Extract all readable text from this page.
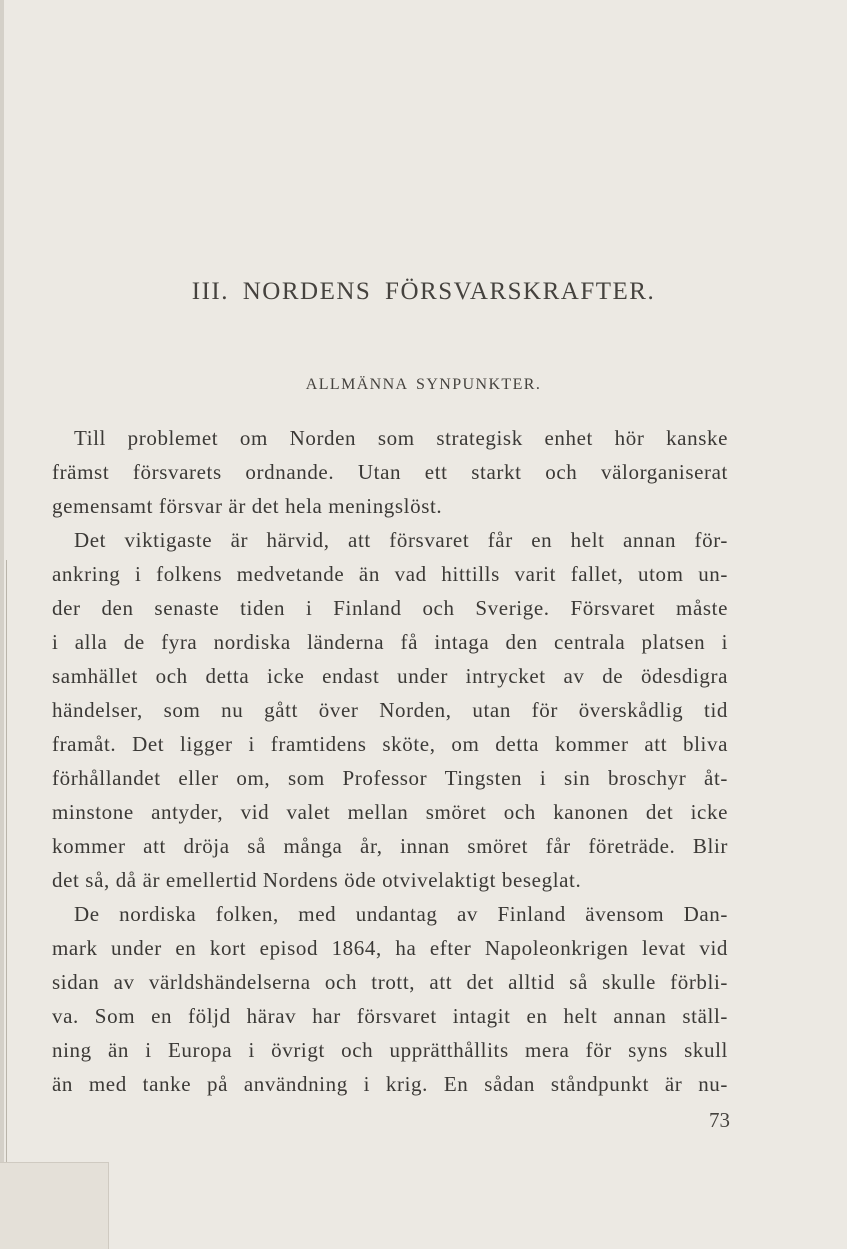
III. NORDENS FÖRSVARSKRAFTER.
ALLMÄNNA SYNPUNKTER.
Till problemet om Norden som strategisk enhet hör kanske
främst försvarets ordnande. Utan ett starkt och välorganiserat
gemensamt försvar är det hela meningslöst.
Det viktigaste är härvid, att försvaret får en helt annan för-
ankring i folkens medvetande än vad hittills varit fallet, utom un-
der den senaste tiden i Finland och Sverige. Försvaret måste
i alla de fyra nordiska länderna få intaga den centrala platsen i
samhället och detta icke endast under intrycket av de ödesdigra
händelser, som nu gått över Norden, utan för överskådlig tid
framåt. Det ligger i framtidens sköte, om detta kommer att bliva
förhållandet eller om, som Professor Tingsten i sin broschyr åt-
minstone antyder, vid valet mellan smöret och kanonen det icke
kommer att dröja så många år, innan smöret får företräde. Blir
det så, då är emellertid Nordens öde otvivelaktigt beseglat.
De nordiska folken, med undantag av Finland ävensom Dan-
mark under en kort episod 1864, ha efter Napoleonkrigen levat vid
sidan av världshändelserna och trott, att det alltid så skulle förbli-
va. Som en följd härav har försvaret intagit en helt annan ställ-
ning än i Europa i övrigt och upprätthållits mera för syns skull
än med tanke på användning i krig. En sådan ståndpunkt är nu-
73
